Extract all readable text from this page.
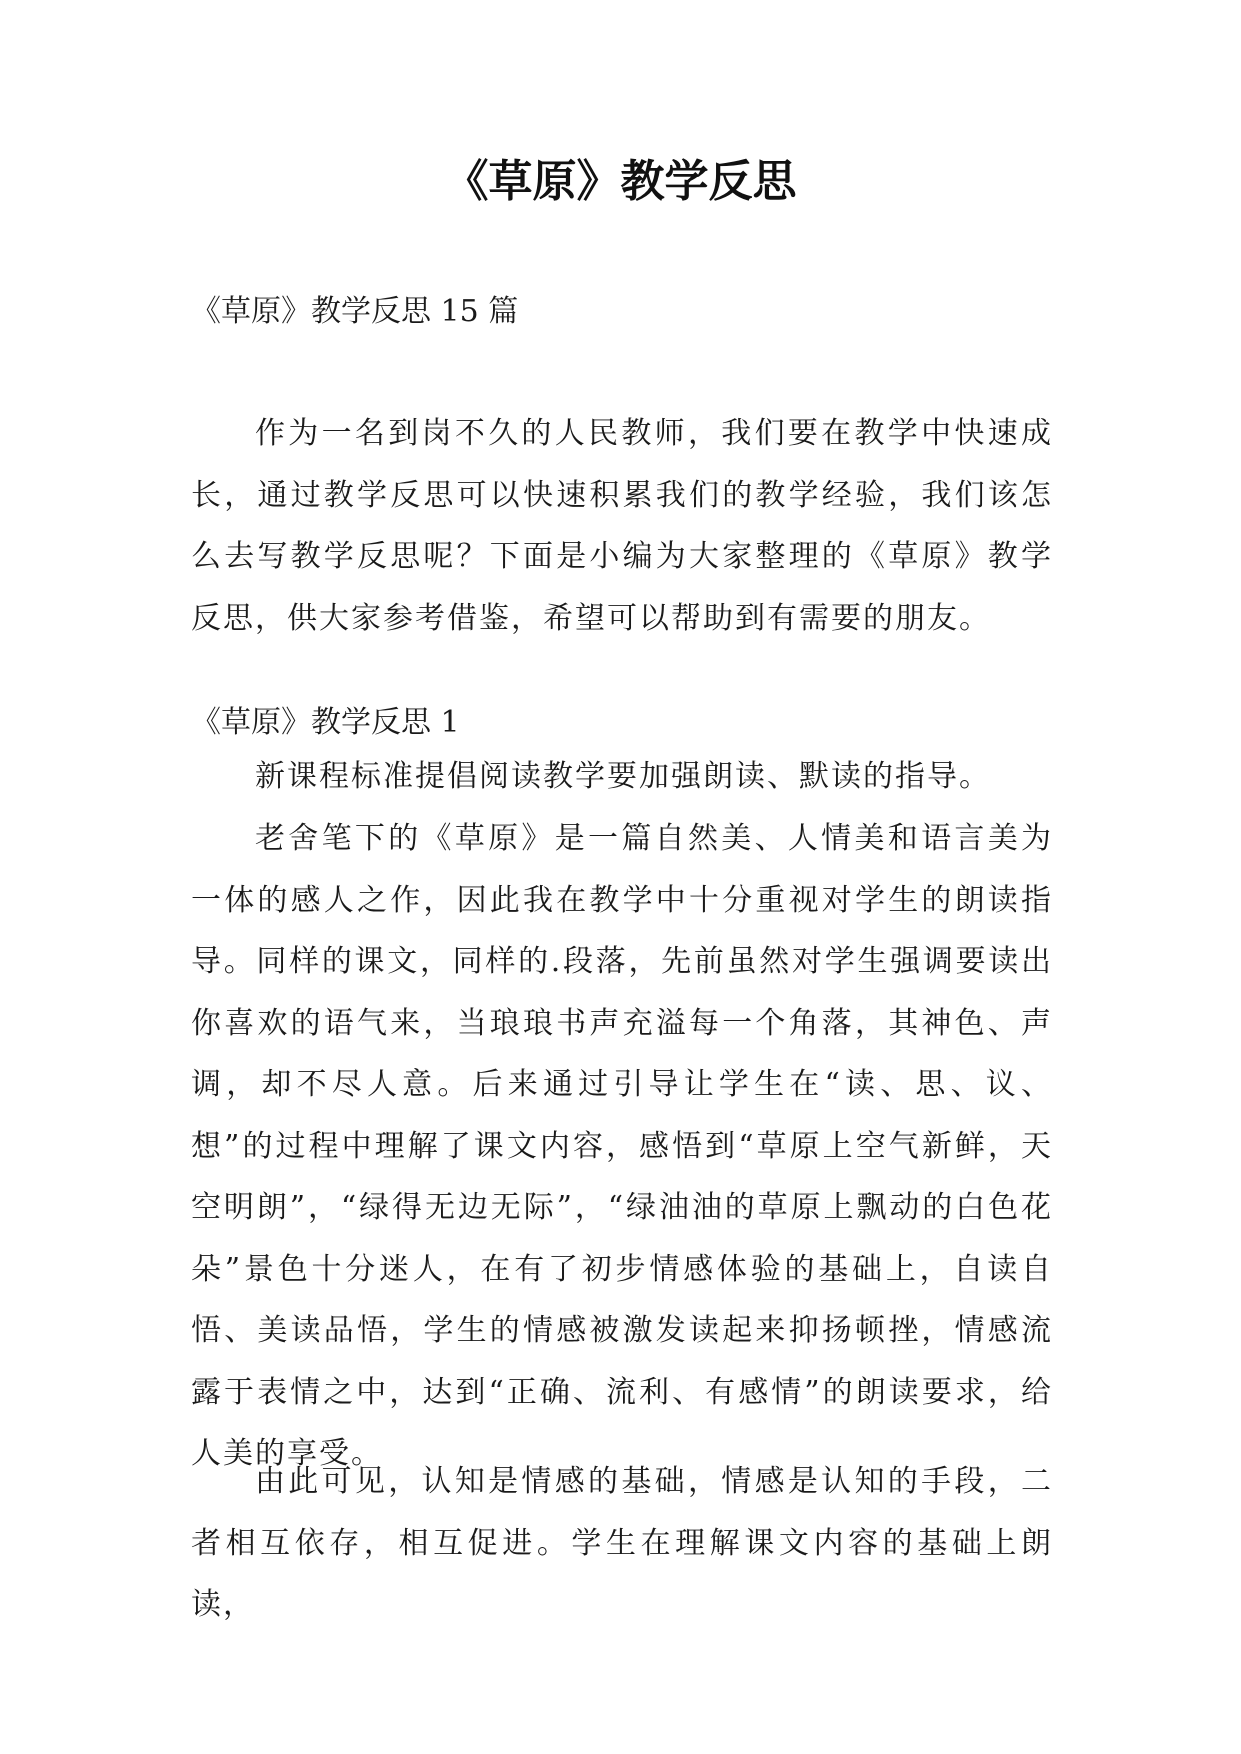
《草原》教学反思

《草原》教学反思 15 篇

作为一名到岗不久的人民教师，我们要在教学中快速成长，通过教学反思可以快速积累我们的教学经验，我们该怎么去写教学反思呢？下面是小编为大家整理的《草原》教学反思，供大家参考借鉴，希望可以帮助到有需要的朋友。

《草原》教学反思 1

新课程标准提倡阅读教学要加强朗读、默读的指导。

老舍笔下的《草原》是一篇自然美、人情美和语言美为一体的感人之作，因此我在教学中十分重视对学生的朗读指导。同样的课文，同样的.段落，先前虽然对学生强调要读出你喜欢的语气来，当琅琅书声充溢每一个角落，其神色、声调，却不尽人意。后来通过引导让学生在“读、思、议、想”的过程中理解了课文内容，感悟到“草原上空气新鲜，天空明朗”，“绿得无边无际”，“绿油油的草原上飘动的白色花朵”景色十分迷人，在有了初步情感体验的基础上，自读自悟、美读品悟，学生的情感被激发读起来抑扬顿挫，情感流露于表情之中，达到“正确、流利、有感情”的朗读要求，给人美的享受。

由此可见，认知是情感的基础，情感是认知的手段，二者相互依存，相互促进。学生在理解课文内容的基础上朗读，
